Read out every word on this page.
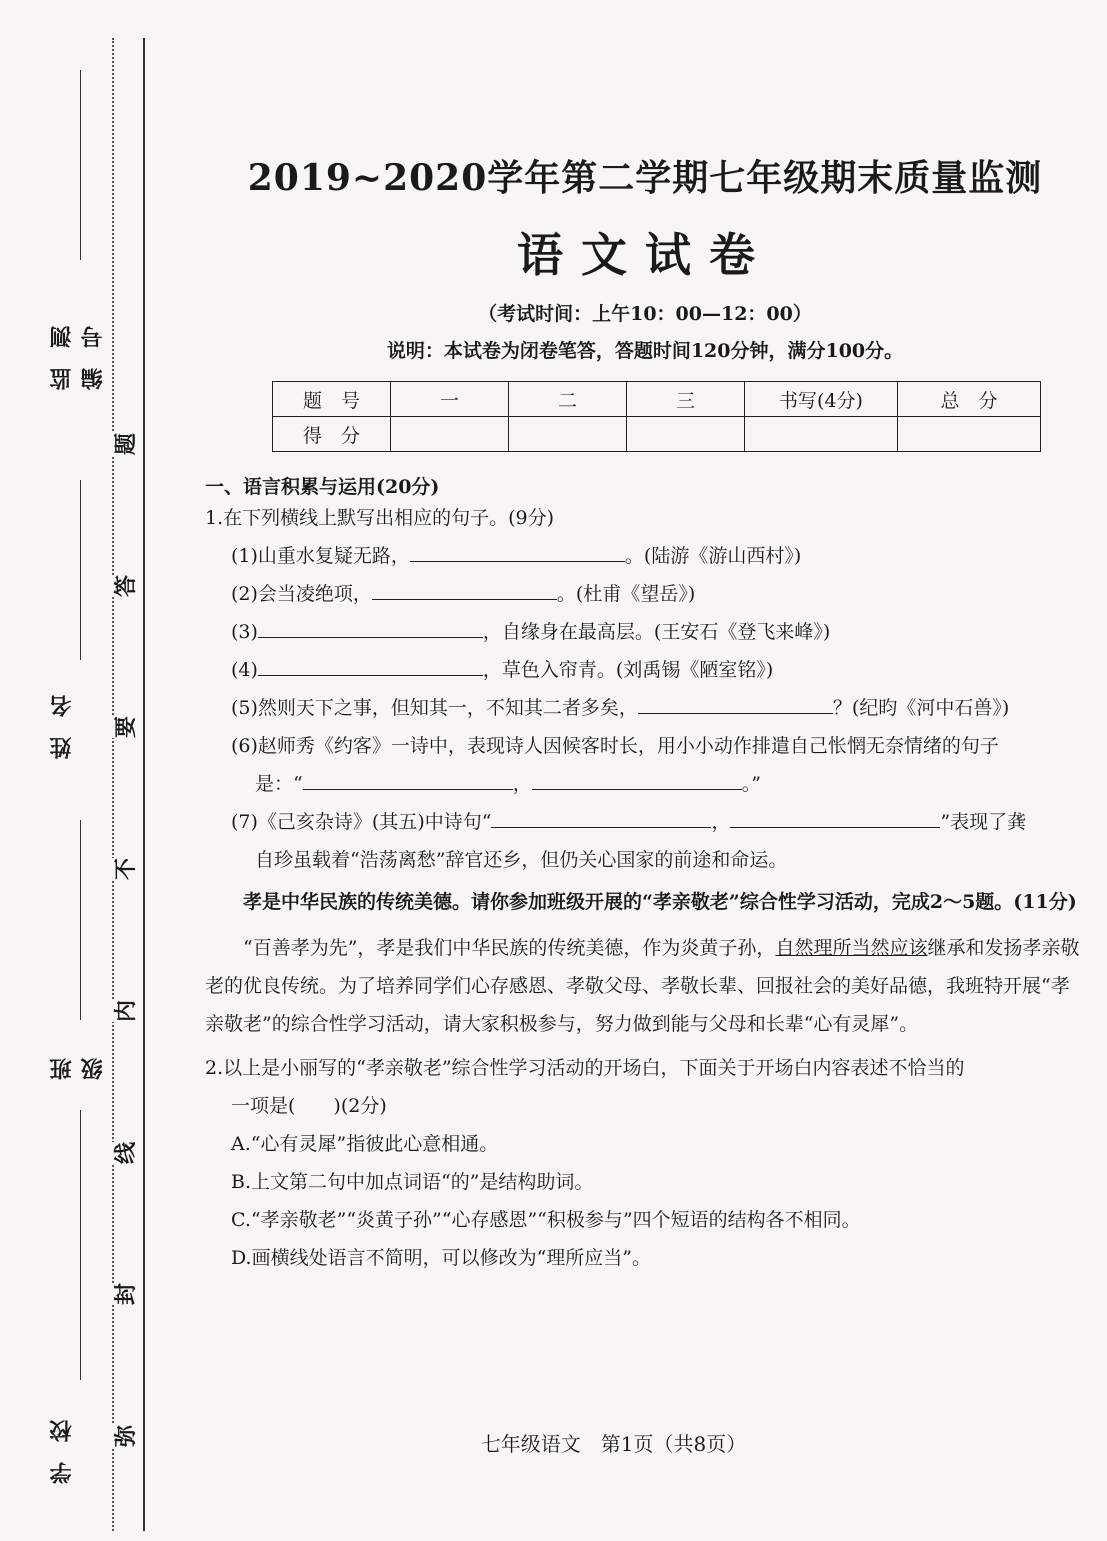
监测编号
姓名
班级
学校
题
答
要
不
内
线
封
弥
2019~2020学年第二学期七年级期末质量监测
语文试卷
（考试时间：上午10：00—12：00）
说明：本试卷为闭卷笔答，答题时间120分钟，满分100分。
题　号	一	二	三	书写(4分)	总　分
得　分					
一、语言积累与运用(20分)
1.在下列横线上默写出相应的句子。(9分)
(1)山重水复疑无路，	。(陆游《游山西村》)
(2)会当凌绝项，	。(杜甫《望岳》)
(3)	，自缘身在最高层。(王安石《登飞来峰》)
(4)	，草色入帘青。(刘禹锡《陋室铭》)
(5)然则天下之事，但知其一，不知其二者多矣，	？(纪昀《河中石兽》)
(6)赵师秀《约客》一诗中，表现诗人因候客时长，用小小动作排遣自己怅惘无奈情绪的句子
是：“	，	。”
(7)《己亥杂诗》(其五)中诗句“	，	”表现了龚
自珍虽载着“浩荡离愁”辞官还乡，但仍关心国家的前途和命运。
孝是中华民族的传统美德。请你参加班级开展的“孝亲敬老”综合性学习活动，完成2～5题。(11分)
“百善孝为先”，孝是我们中华民族的传统美德，作为炎黄子孙，自然理所当然应该继承和发扬孝亲敬老的优良传统。为了培养同学们心存感恩、孝敬父母、孝敬长辈、回报社会的美好品德，我班特开展“孝亲敬老”的综合性学习活动，请大家积极参与，努力做到能与父母和长辈“心有灵犀”。
2.以上是小丽写的“孝亲敬老”综合性学习活动的开场白，下面关于开场白内容表述不恰当的
一项是(　　)(2分)
A.“心有灵犀”指彼此心意相通。
B.上文第二句中加点词语“的”是结构助词。
C.“孝亲敬老”“炎黄子孙”“心存感恩”“积极参与”四个短语的结构各不相同。
D.画横线处语言不简明，可以修改为“理所应当”。
七年级语文　第1页（共8页）
